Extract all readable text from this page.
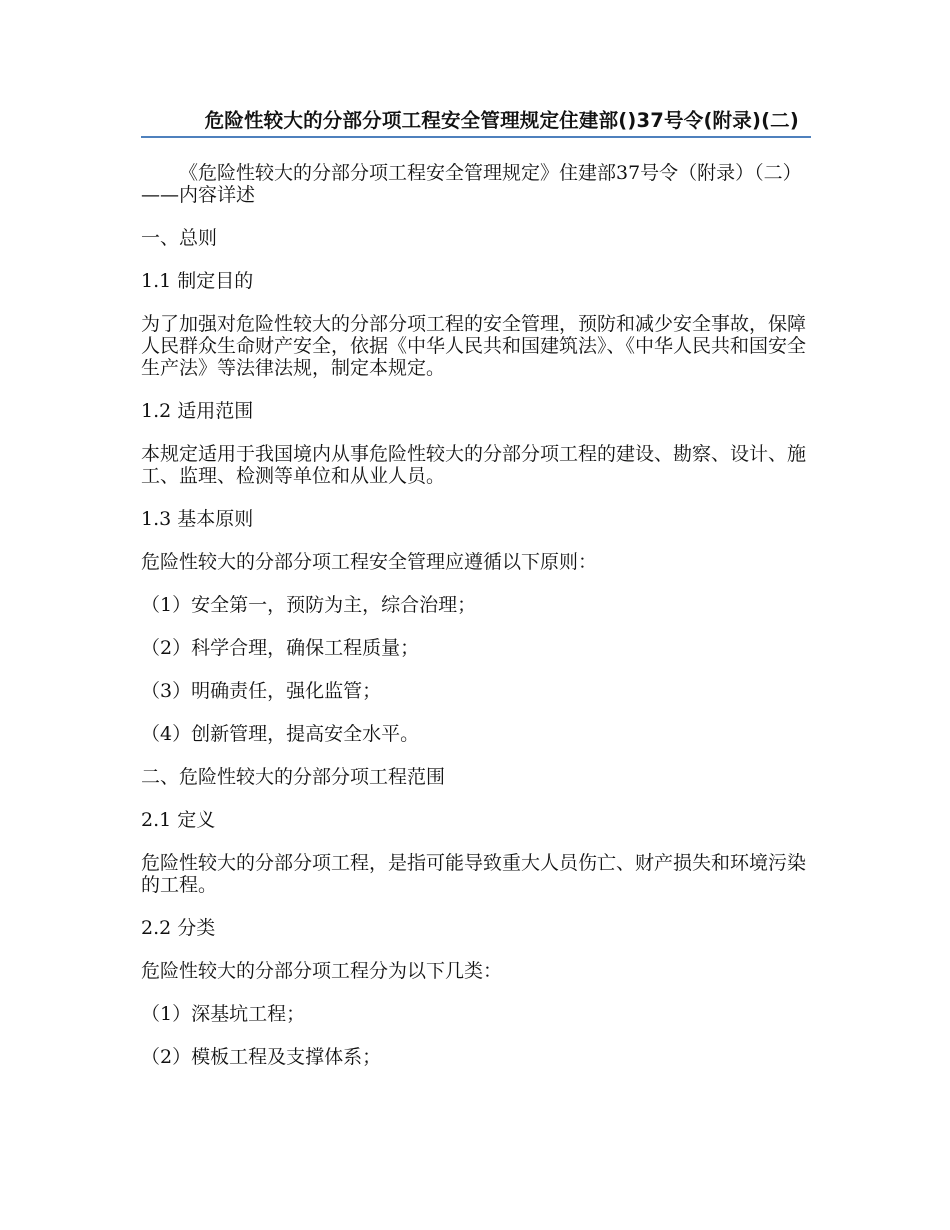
危险性较大的分部分项工程安全管理规定住建部()37号令(附录)(二)

《危险性较大的分部分项工程安全管理规定》住建部37号令（附录）（二）——内容详述

一、总则

1.1 制定目的

为了加强对危险性较大的分部分项工程的安全管理，预防和减少安全事故，保障人民群众生命财产安全，依据《中华人民共和国建筑法》、《中华人民共和国安全生产法》等法律法规，制定本规定。

1.2 适用范围

本规定适用于我国境内从事危险性较大的分部分项工程的建设、勘察、设计、施工、监理、检测等单位和从业人员。

1.3 基本原则

危险性较大的分部分项工程安全管理应遵循以下原则：

（1）安全第一，预防为主，综合治理；

（2）科学合理，确保工程质量；

（3）明确责任，强化监管；

（4）创新管理，提高安全水平。

二、危险性较大的分部分项工程范围

2.1 定义

危险性较大的分部分项工程，是指可能导致重大人员伤亡、财产损失和环境污染的工程。

2.2 分类

危险性较大的分部分项工程分为以下几类：

（1）深基坑工程；

（2）模板工程及支撑体系；
